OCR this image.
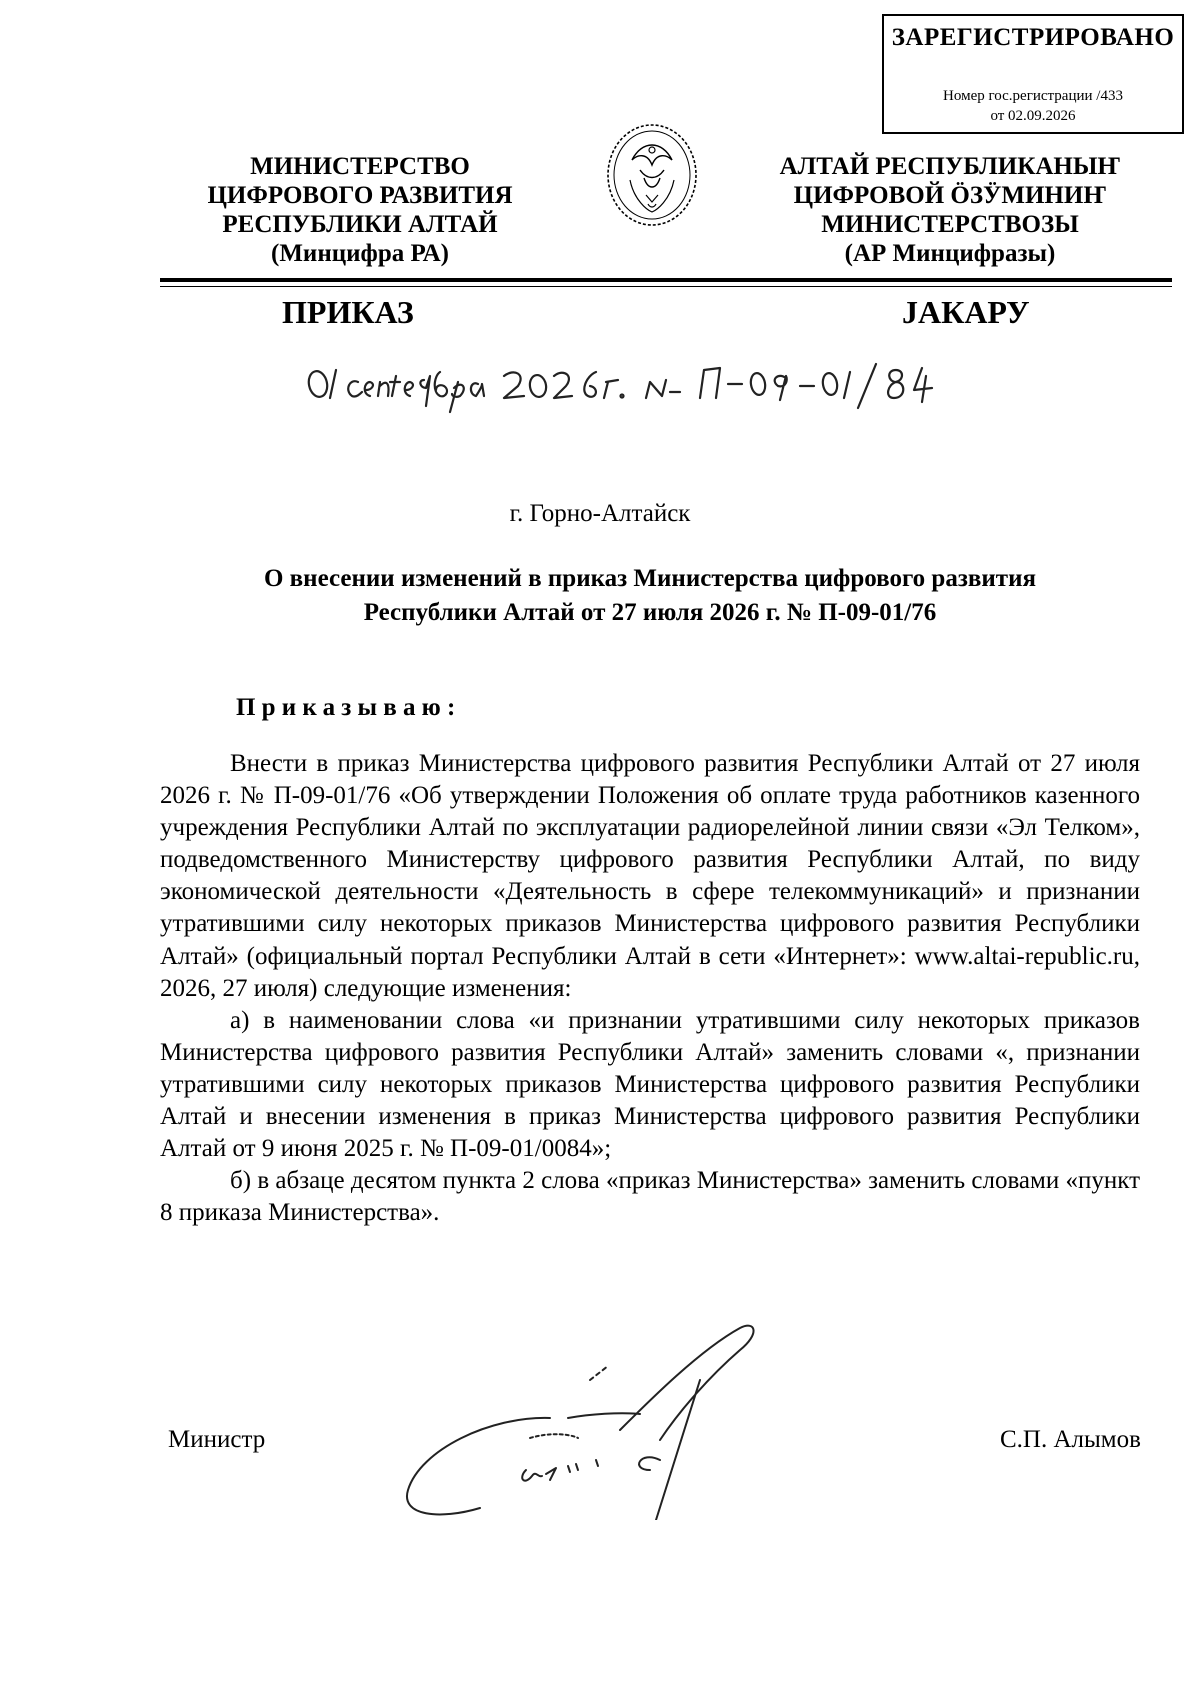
ЗАРЕГИСТРИРОВАНО
Номер гос.регистрации /433
от 02.09.2026
МИНИСТЕРСТВО
ЦИФРОВОГО РАЗВИТИЯ
РЕСПУБЛИКИ АЛТАЙ
(Минцифра РА)
АЛТАЙ РЕСПУБЛИКАНЫҤ
ЦИФРОВОЙ ӦЗӰМИНИҤ
МИНИСТЕРСТВОЗЫ
(АР Минцифразы)
ПРИКАЗ	JАКАРУ
г. Горно-Алтайск
О внесении изменений в приказ Министерства цифрового развития
Республики Алтай от 27 июля 2026 г. № П-09-01/76
Приказываю:

Внести в приказ Министерства цифрового развития Республики Алтай от 27 июля 2026 г. № П-09-01/76 «Об утверждении Положения об оплате труда работников казенного учреждения Республики Алтай по эксплуатации радиорелейной линии связи «Эл Телком», подведомственного Министерству цифрового развития Республики Алтай, по виду экономической деятельности «Деятельность в сфере телекоммуникаций» и признании утратившими силу некоторых приказов Министерства цифрового развития Республики Алтай» (официальный портал Республики Алтай в сети «Интернет»: www.altai-republic.ru, 2026, 27 июля) следующие изменения:

а) в наименовании слова «и признании утратившими силу некоторых приказов Министерства цифрового развития Республики Алтай» заменить словами «, признании утратившими силу некоторых приказов Министерства цифрового развития Республики Алтай и внесении изменения в приказ Министерства цифрового развития Республики Алтай от 9 июня 2025 г. № П-09-01/0084»;

б) в абзаце десятом пункта 2 слова «приказ Министерства» заменить словами «пункт 8 приказа Министерства».

Министр	С.П. Алымов
